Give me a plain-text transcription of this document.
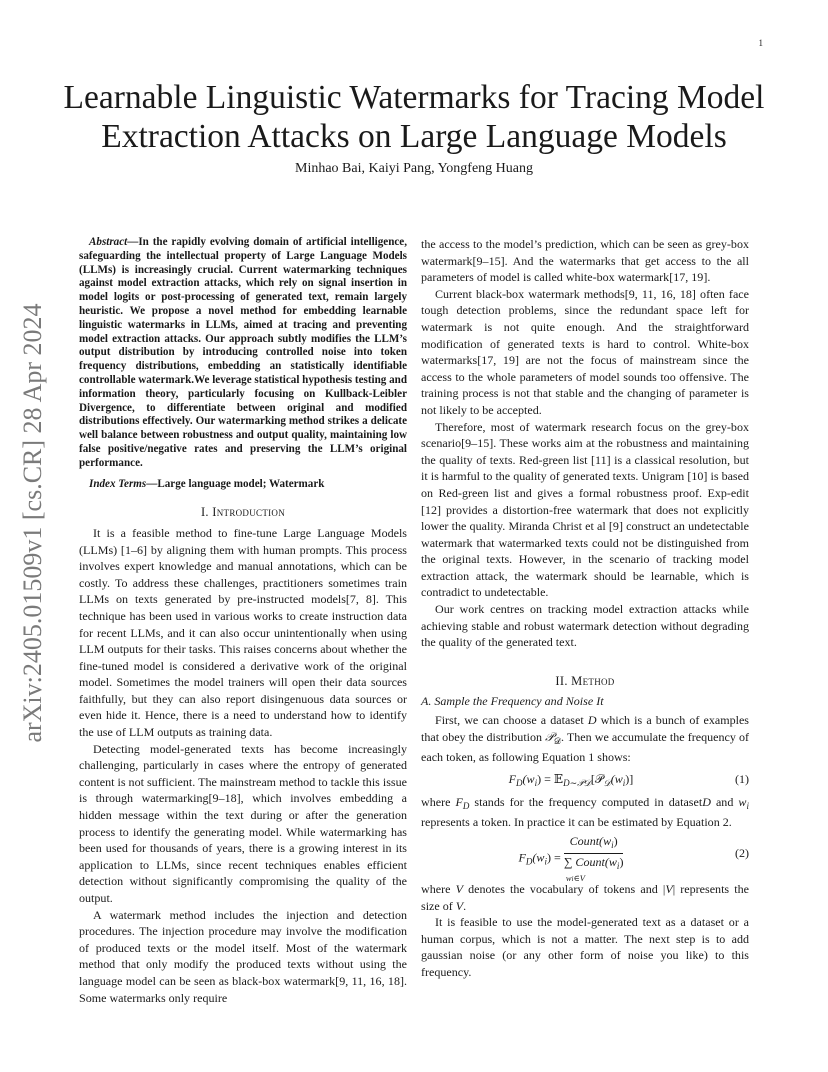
1
arXiv:2405.01509v1 [cs.CR] 28 Apr 2024
Learnable Linguistic Watermarks for Tracing Model
Extraction Attacks on Large Language Models
Minhao Bai, Kaiyi Pang, Yongfeng Huang

Abstract—In the rapidly evolving domain of artificial intelligence, safeguarding the intellectual property of Large Language Models (LLMs) is increasingly crucial. Current watermarking techniques against model extraction attacks, which rely on signal insertion in model logits or post-processing of generated text, remain largely heuristic. We propose a novel method for embedding learnable linguistic watermarks in LLMs, aimed at tracing and preventing model extraction attacks. Our approach subtly modifies the LLM’s output distribution by introducing controlled noise into token frequency distributions, embedding an statistically identifiable controllable watermark.We leverage statistical hypothesis testing and information theory, particularly focusing on Kullback-Leibler Divergence, to differentiate between original and modified distributions effectively. Our watermarking method strikes a delicate well balance between robustness and output quality, maintaining low false positive/negative rates and preserving the LLM’s original performance.

Index Terms—Large language model; Watermark

I. Introduction

It is a feasible method to fine-tune Large Language Models (LLMs) [1–6] by aligning them with human prompts. This process involves expert knowledge and manual annotations, which can be costly. To address these challenges, practitioners sometimes train LLMs on texts generated by pre-instructed models[7, 8]. This technique has been used in various works to create instruction data for recent LLMs, and it can also occur unintentionally when using LLM outputs for their tasks. This raises concerns about whether the fine-tuned model is considered a derivative work of the original model. Sometimes the model trainers will open their data sources faithfully, but they can also report disingenuous data sources or even hide it. Hence, there is a need to understand how to identify the use of LLM outputs as training data.

Detecting model-generated texts has become increasingly challenging, particularly in cases where the entropy of generated content is not sufficient. The mainstream method to tackle this issue is through watermarking[9–18], which involves embedding a hidden message within the text during or after the generation process to identify the generating model. While watermarking has been used for thousands of years, there is a growing interest in its application to LLMs, since recent techniques enables efficient detection without significantly compromising the quality of the output.

A watermark method includes the injection and detection procedures. The injection procedure may involve the modification of produced texts or the model itself. Most of the watermark method that only modify the produced texts without using the language model can be seen as black-box watermark[9, 11, 16, 18]. Some watermarks only require

the access to the model’s prediction, which can be seen as grey-box watermark[9–15]. And the watermarks that get access to the all parameters of model is called white-box watermark[17, 19].

Current black-box watermark methods[9, 11, 16, 18] often face tough detection problems, since the redundant space left for watermark is not quite enough. And the straightforward modification of generated texts is hard to control. White-box watermarks[17, 19] are not the focus of mainstream since the access to the whole parameters of model sounds too offensive. The training process is not that stable and the changing of parameter is not likely to be accepted.

Therefore, most of watermark research focus on the grey-box scenario[9–15]. These works aim at the robustness and maintaining the quality of texts. Red-green list [11] is a classical resolution, but it is harmful to the quality of generated texts. Unigram [10] is based on Red-green list and gives a formal robustness proof. Exp-edit [12] provides a distortion-free watermark that does not explicitly lower the quality. Miranda Christ et al [9] construct an undetectable watermark that watermarked texts could not be distinguished from the original texts. However, in the scenario of tracking model extraction attack, the watermark should be learnable, which is contradict to undetectable.

Our work centres on tracking model extraction attacks while achieving stable and robust watermark detection without degrading the quality of the generated text.

II. Method

A. Sample the Frequency and Noise It

First, we can choose a dataset D which is a bunch of examples that obey the distribution 𝒫$_𝒟$. Then we accumulate the frequency of each token, as following Equation 1 shows:

$F_D(w_i)$ = $𝔼_{D\sim 𝒫𝒟}[𝒫_𝒟(w_i)]$	(1)

where $F_D$ stands for the frequency computed in datasetD and $w_i$ represents a token. In practice it can be estimated by Equation 2.

$F_D(w_i)$ = $Count(w_i)$
∑ $Count(w_i)$
wi∈V	(2)

where V denotes the vocabulary of tokens and |V| represents the size of V.

It is feasible to use the model-generated text as a dataset or a human corpus, which is not a matter. The next step is to add gaussian noise (or any other form of noise you like) to this frequency.
